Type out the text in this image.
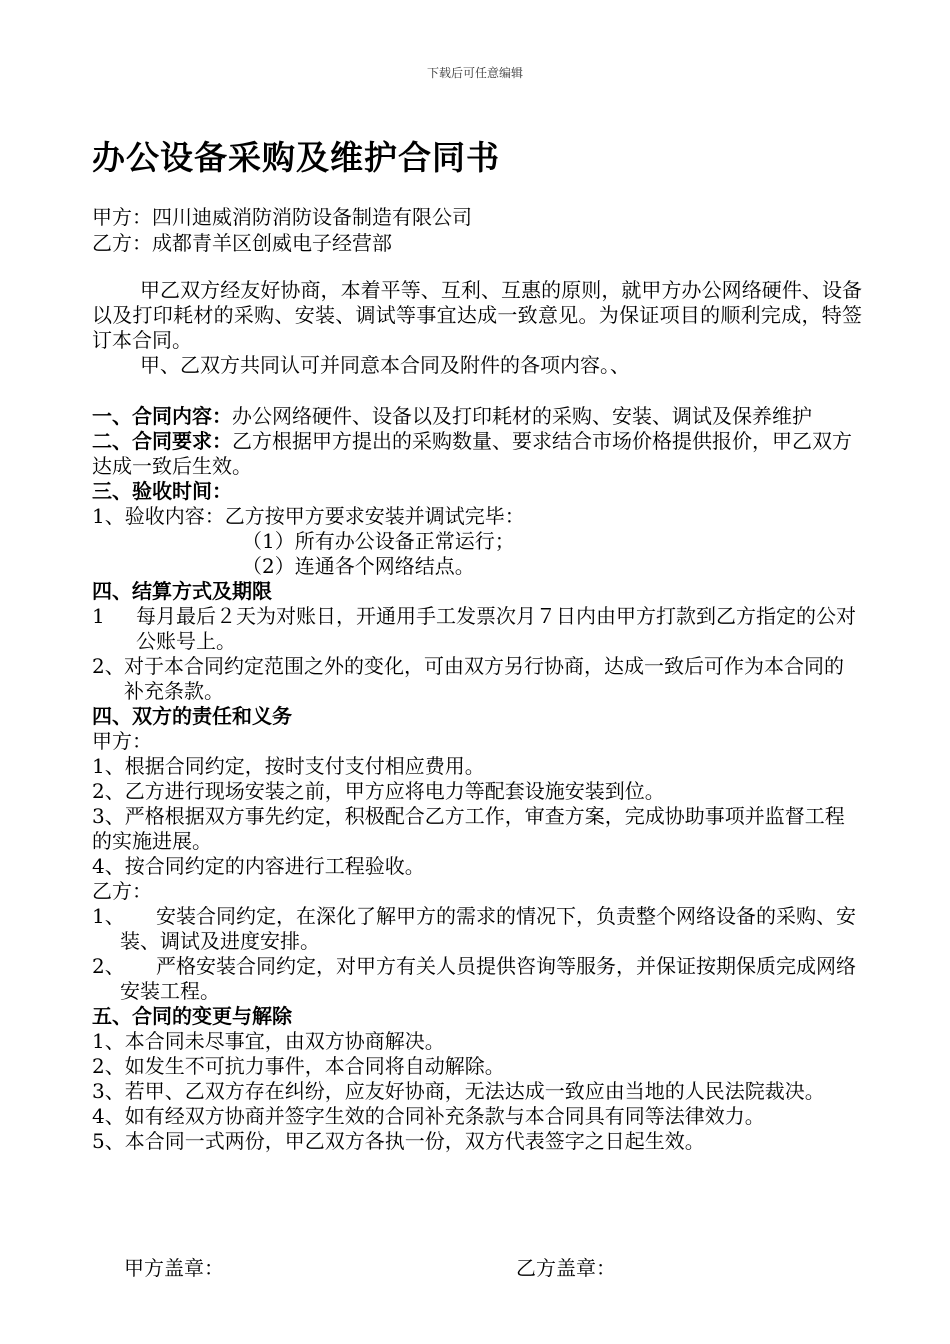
下载后可任意编辑
办公设备采购及维护合同书
甲方：四川迪威消防消防设备制造有限公司
乙方：成都青羊区创威电子经营部

甲乙双方经友好协商，本着平等、互利、互惠的原则，就甲方办公网络硬件、设备以及打印耗材的采购、安装、调试等事宜达成一致意见。为保证项目的顺利完成，特签订本合同。

甲、乙双方共同认可并同意本合同及附件的各项内容。、

一、合同内容：办公网络硬件、设备以及打印耗材的采购、安装、调试及保养维护

二、合同要求：乙方根据甲方提出的采购数量、要求结合市场价格提供报价，甲乙双方达成一致后生效。

三、验收时间：

1、验收内容：乙方按甲方要求安装并调试完毕：

（1）所有办公设备正常运行；

（2）连通各个网络结点。

四、结算方式及期限

1 每月最后２天为对账日，开通用手工发票次月７日内由甲方打款到乙方指定的公对公账号上。

2、对于本合同约定范围之外的变化，可由双方另行协商，达成一致后可作为本合同的补充条款。

四、双方的责任和义务

甲方：

1、根据合同约定，按时支付支付相应费用。

2、乙方进行现场安装之前，甲方应将电力等配套设施安装到位。

3、严格根据双方事先约定，积极配合乙方工作，审查方案，完成协助事项并监督工程的实施进展。

4、按合同约定的内容进行工程验收。

乙方：

1、 安装合同约定，在深化了解甲方的需求的情况下，负责整个网络设备的采购、安装、调试及进度安排。

2、 严格安装合同约定，对甲方有关人员提供咨询等服务，并保证按期保质完成网络安装工程。

五、合同的变更与解除

1、本合同未尽事宜，由双方协商解决。

2、如发生不可抗力事件，本合同将自动解除。

3、若甲、乙双方存在纠纷，应友好协商，无法达成一致应由当地的人民法院裁决。

4、如有经双方协商并签字生效的合同补充条款与本合同具有同等法律效力。

5、本合同一式两份，甲乙双方各执一份，双方代表签字之日起生效。

甲方盖章：	乙方盖章：
